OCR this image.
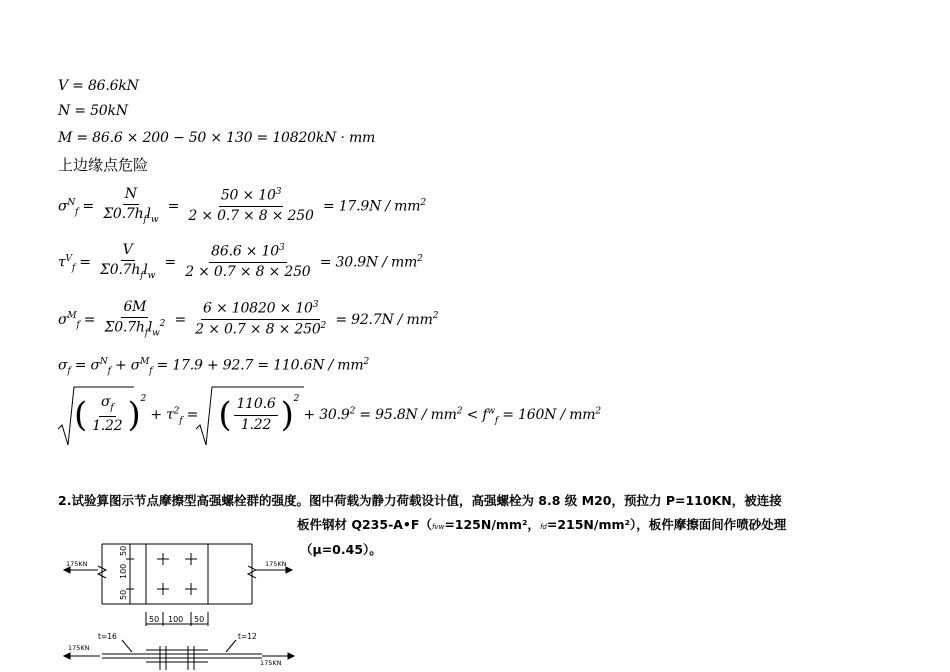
V = 86.6kN
N = 50kN
M = 86.6 × 200 − 50 × 130 = 10820kN · mm
上边缘点危险
$\sigma^N_f = \frac{N}{\Sigma 0.7h_fl_w} = \frac{50 \times 10^3}{2 \times 0.7 \times 8 \times 250} = 17.9N / mm^2$
$\tau^V_f = \frac{V}{\Sigma 0.7h_fl_w} = \frac{86.6 \times 10^3}{2 \times 0.7 \times 8 \times 250} = 30.9N / mm^2$
$\sigma^M_f = \frac{6M}{\Sigma 0.7h_fl_w^2} = \frac{6 \times 10820 \times 10^3}{2 \times 0.7 \times 8 \times 250^2} = 92.7N / mm^2$
$\sigma_f = \sigma^N_f + \sigma^M_f = 17.9 + 92.7 = 110.6N / mm^2$
( $\frac{\sigma_f}{1.22} )^2 + \tau^2_f$ = ( $\frac{110.6}{1.22} )^2 + 30.9^2 = 95.8N / mm^2 < f^w_f = 160N / mm^2$
2.试验算图示节点摩擦型高强螺栓群的强度。图中荷载为静力荷载设计值，高强螺栓为 8.8 级 M20，预拉力 P=110KN，被连接
板件钢材 Q235-A•F（fvw=125N/mm²，fd=215N/mm²），板件摩擦面间作喷砂处理
（μ=0.45）。
50
100
50
175KN	175KN
50 100 50
t=16	t=12
175KN
175KN
